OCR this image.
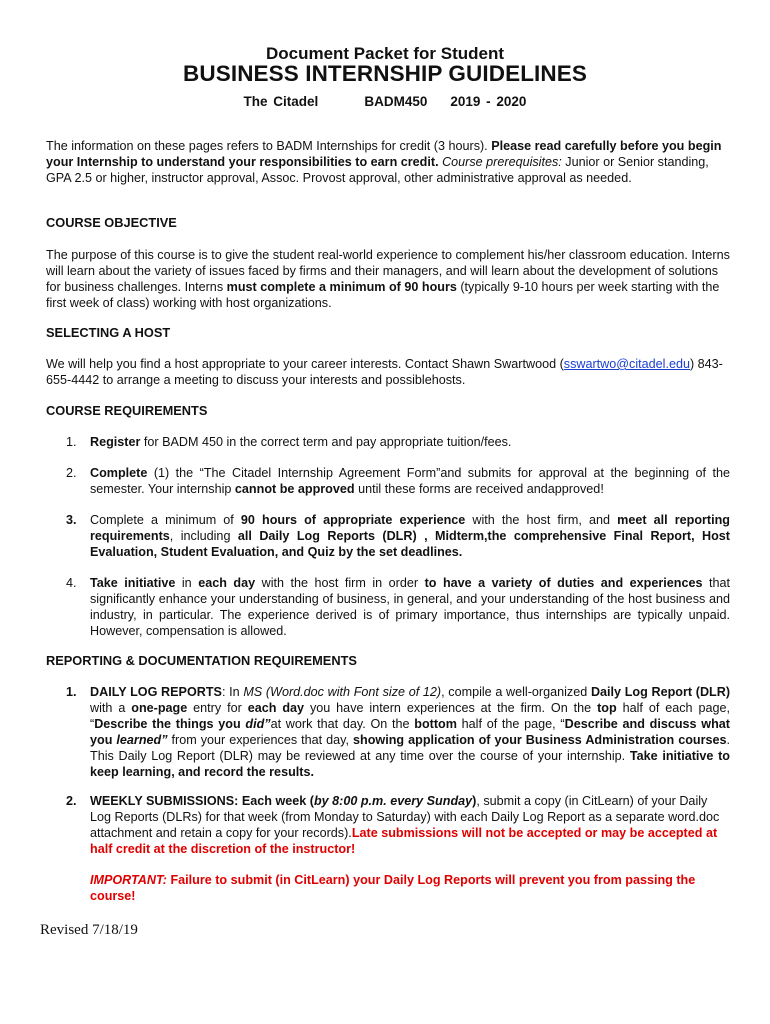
Document Packet for Student
BUSINESS INTERNSHIP GUIDELINES
The Citadel	BADM450 2019 - 2020
The information on these pages refers to BADM Internships for credit (3 hours). Please read carefully before you begin your Internship to understand your responsibilities to earn credit. Course prerequisites: Junior or Senior standing, GPA 2.5 or higher, instructor approval, Assoc. Provost approval, other administrative approval as needed.
COURSE OBJECTIVE
The purpose of this course is to give the student real-world experience to complement his/her classroom education. Interns will learn about the variety of issues faced by firms and their managers, and will learn about the development of solutions for business challenges. Interns must complete a minimum of 90 hours (typically 9-10 hours per week starting with the first week of class) working with host organizations.
SELECTING A HOST
We will help you find a host appropriate to your career interests. Contact Shawn Swartwood (sswartwo@citadel.edu) 843-655-4442 to arrange a meeting to discuss your interests and possiblehosts.
COURSE REQUIREMENTS
1. Register for BADM 450 in the correct term and pay appropriate tuition/fees.
2. Complete (1) the “The Citadel Internship Agreement Form”and submits for approval at the beginning of the semester. Your internship cannot be approved until these forms are received andapproved!
3. Complete a minimum of 90 hours of appropriate experience with the host firm, and meet all reporting requirements, including all Daily Log Reports (DLR) , Midterm,the comprehensive Final Report, Host Evaluation, Student Evaluation, and Quiz by the set deadlines.
4. Take initiative in each day with the host firm in order to have a variety of duties and experiences that significantly enhance your understanding of business, in general, and your understanding of the host business and industry, in particular. The experience derived is of primary importance, thus internships are typically unpaid. However, compensation is allowed.
REPORTING & DOCUMENTATION REQUIREMENTS
1. DAILY LOG REPORTS: In MS (Word.doc with Font size of 12), compile a well-organized Daily Log Report (DLR) with a one-page entry for each day you have intern experiences at the firm. On the top half of each page, “Describe the things you did”at work that day. On the bottom half of the page, “Describe and discuss what you learned” from your experiences that day, showing application of your Business Administration courses. This Daily Log Report (DLR) may be reviewed at any time over the course of your internship. Take initiative to keep learning, and record the results.
2. WEEKLY SUBMISSIONS: Each week (by 8:00 p.m. every Sunday), submit a copy (in CitLearn) of your Daily Log Reports (DLRs) for that week (from Monday to Saturday) with each Daily Log Report as a separate word.doc attachment and retain a copy for your records).Late submissions will not be accepted or may be accepted at half credit at the discretion of the instructor!
IMPORTANT: Failure to submit (in CitLearn) your Daily Log Reports will prevent you from passing the course!
Revised 7/18/19
